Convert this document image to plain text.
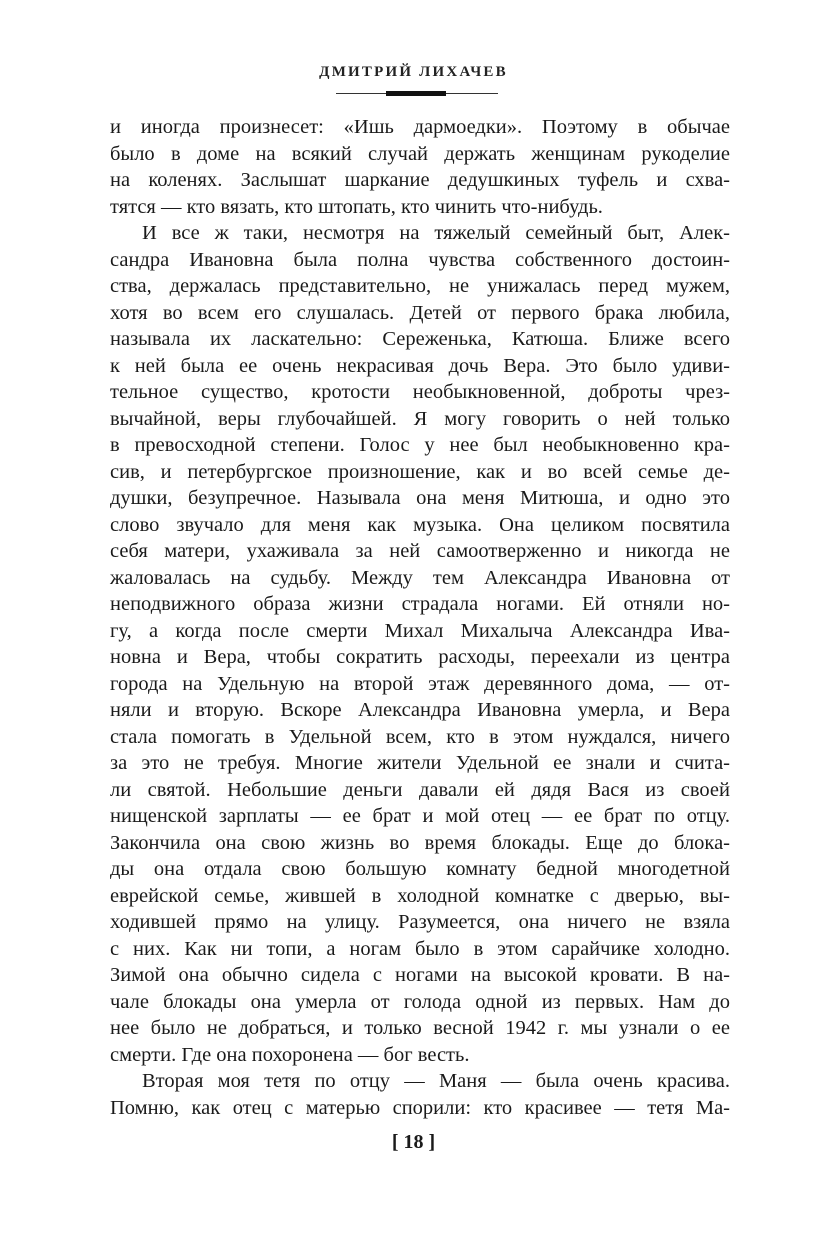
ДМИТРИЙ ЛИХАЧЕВ
и иногда произнесет: «Ишь дармоедки». Поэтому в обычае
было в доме на всякий случай держать женщинам рукоделие
на коленях. Заслышат шаркание дедушкиных туфель и схва-
тятся — кто вязать, кто штопать, кто чинить что-нибудь.
И все ж таки, несмотря на тяжелый семейный быт, Алек-
сандра Ивановна была полна чувства собственного достоин-
ства, держалась представительно, не унижалась перед мужем,
хотя во всем его слушалась. Детей от первого брака любила,
называла их ласкательно: Сереженька, Катюша. Ближе всего
к ней была ее очень некрасивая дочь Вера. Это было удиви-
тельное существо, кротости необыкновенной, доброты чрез-
вычайной, веры глубочайшей. Я могу говорить о ней только
в превосходной степени. Голос у нее был необыкновенно кра-
сив, и петербургское произношение, как и во всей семье де-
душки, безупречное. Называла она меня Митюша, и одно это
слово звучало для меня как музыка. Она целиком посвятила
себя матери, ухаживала за ней самоотверженно и никогда не
жаловалась на судьбу. Между тем Александра Ивановна от
неподвижного образа жизни страдала ногами. Ей отняли но-
гу, а когда после смерти Михал Михалыча Александра Ива-
новна и Вера, чтобы сократить расходы, переехали из центра
города на Удельную на второй этаж деревянного дома, — от-
няли и вторую. Вскоре Александра Ивановна умерла, и Вера
стала помогать в Удельной всем, кто в этом нуждался, ничего
за это не требуя. Многие жители Удельной ее знали и счита-
ли святой. Небольшие деньги давали ей дядя Вася из своей
нищенской зарплаты — ее брат и мой отец — ее брат по отцу.
Закончила она свою жизнь во время блокады. Еще до блока-
ды она отдала свою большую комнату бедной многодетной
еврейской семье, жившей в холодной комнатке с дверью, вы-
ходившей прямо на улицу. Разумеется, она ничего не взяла
с них. Как ни топи, а ногам было в этом сарайчике холодно.
Зимой она обычно сидела с ногами на высокой кровати. В на-
чале блокады она умерла от голода одной из первых. Нам до
нее было не добраться, и только весной 1942 г. мы узнали о ее
смерти. Где она похоронена — бог весть.
Вторая моя тетя по отцу — Маня — была очень красива.
Помню, как отец с матерью спорили: кто красивее — тетя Ма-
[ 18 ]
